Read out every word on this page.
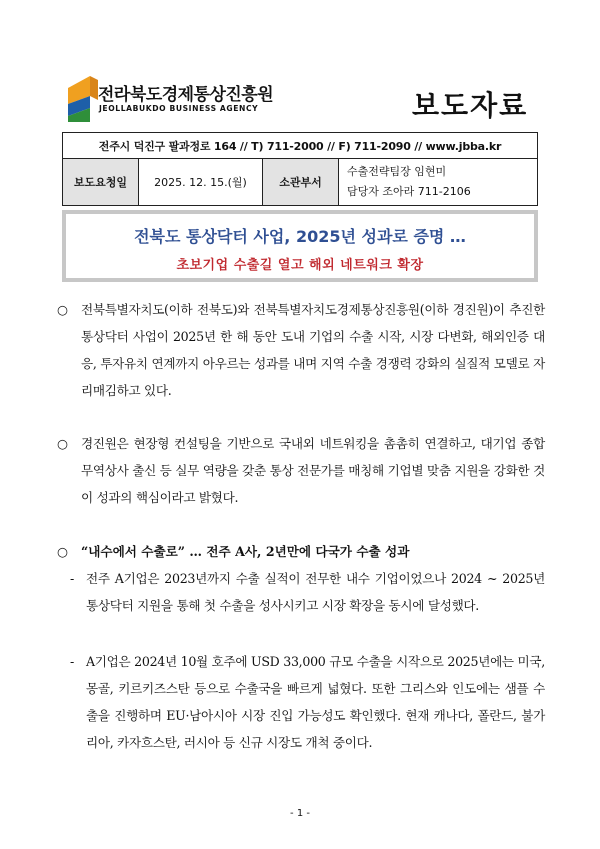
전라북도경제통상진흥원
JEOLLABUKDO BUSINESS AGENCY	보도자료
전주시 덕진구 팔과정로 164 // T) 711-2000 // F) 711-2090 // www.jbba.kr
보도요청일	2025. 12. 15.(월)	소관부서	
수출전략팀장 임현미
담당자 조아라 711-2106
전북도 통상닥터 사업, 2025년 성과로 증명 …
초보기업 수출길 열고 해외 네트워크 확장
○	전북특별자치도(이하 전북도)와 전북특별자치도경제통상진흥원(이하 경진원)이 추진한 통상닥터 사업이 2025년 한 해 동안 도내 기업의 수출 시작, 시장 다변화, 해외인증 대응, 투자유치 연계까지 아우르는 성과를 내며 지역 수출 경쟁력 강화의 실질적 모델로 자리매김하고 있다.
○	경진원은 현장형 컨설팅을 기반으로 국내외 네트워킹을 촘촘히 연결하고, 대기업 종합무역상사 출신 등 실무 역량을 갖춘 통상 전문가를 매칭해 기업별 맞춤 지원을 강화한 것이 성과의 핵심이라고 밝혔다.
○ “내수에서 수출로” … 전주 A사, 2년만에 다국가 수출 성과
- 전주 A기업은 2023년까지 수출 실적이 전무한 내수 기업이었으나 2024 ~ 2025년 통상닥터 지원을 통해 첫 수출을 성사시키고 시장 확장을 동시에 달성했다.
- A기업은 2024년 10월 호주에 USD 33,000 규모 수출을 시작으로 2025년에는 미국, 몽골, 키르키즈스탄 등으로 수출국을 빠르게 넓혔다. 또한 그리스와 인도에는 샘플 수출을 진행하며 EU·남아시아 시장 진입 가능성도 확인했다. 현재 캐나다, 폴란드, 불가리아, 카자흐스탄, 러시아 등 신규 시장도 개척 중이다.
- 1 -
